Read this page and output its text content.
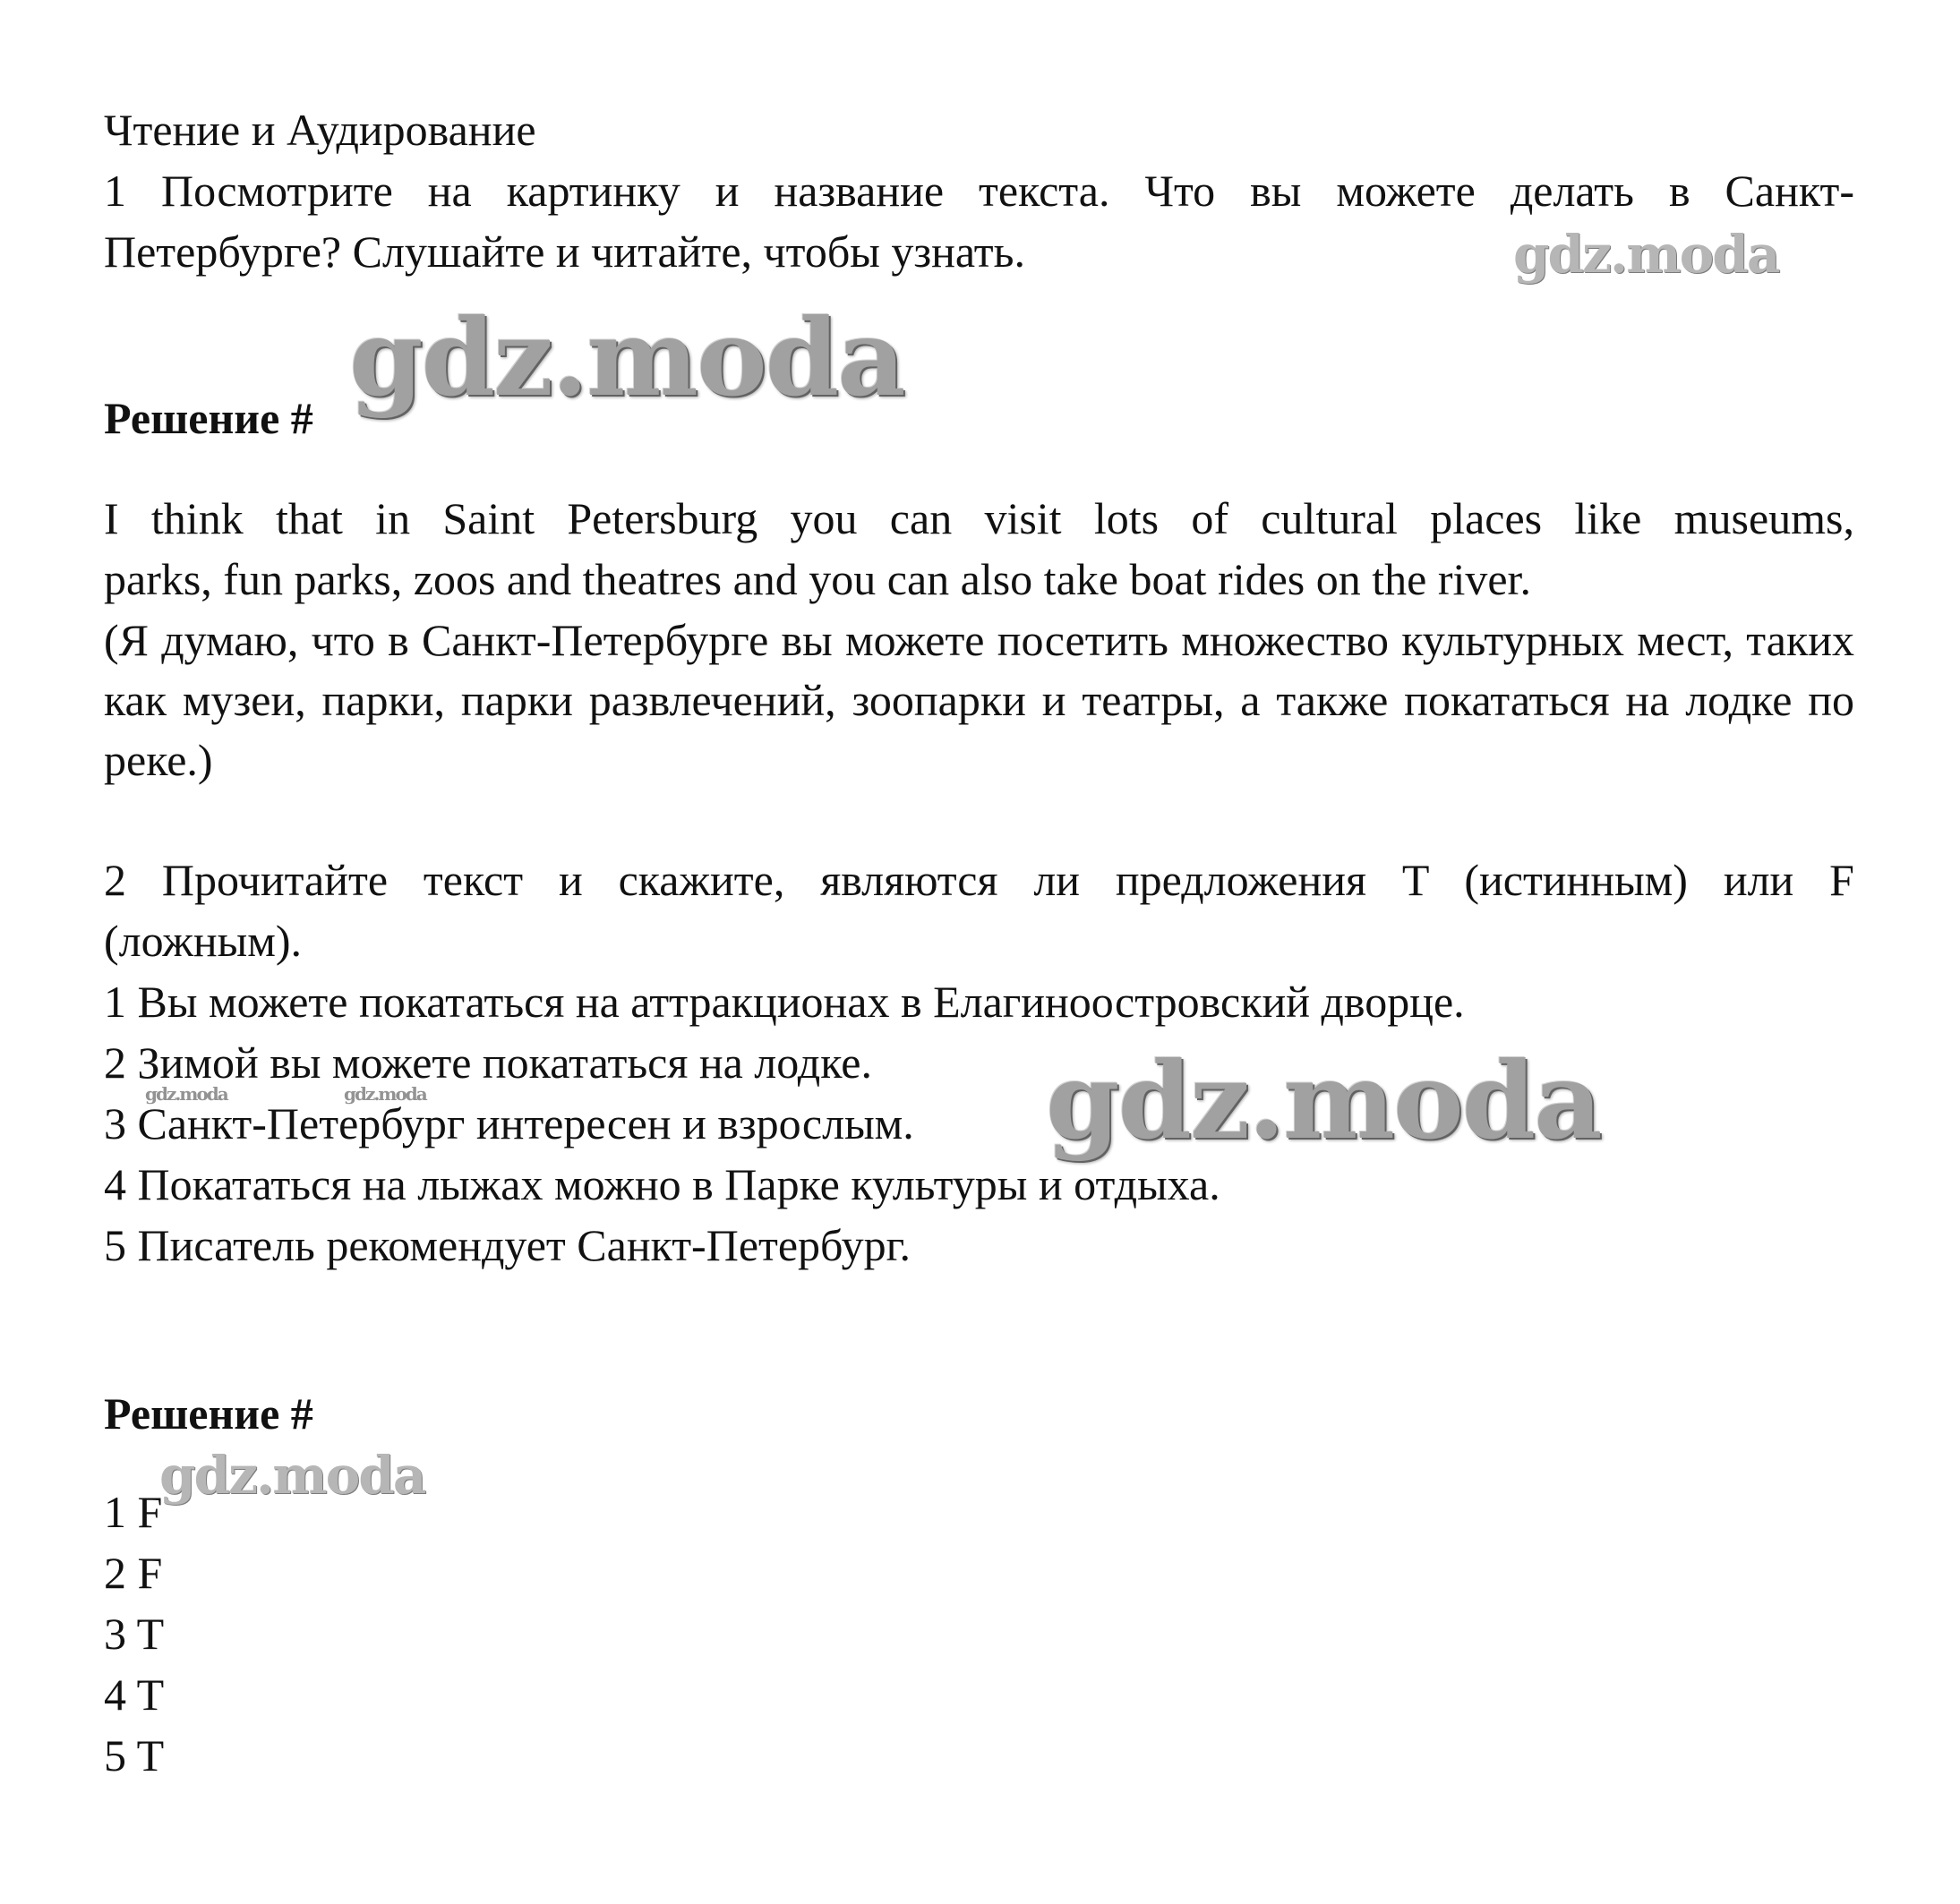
Чтение и Аудирование
1 Посмотрите на картинку и название текста. Что вы можете делать в Санкт-
Петербурге? Слушайте и читайте, чтобы узнать.
Решение #
I think that in Saint Petersburg you can visit lots of cultural places like museums,
parks, fun parks, zoos and theatres and you can also take boat rides on the river.
(Я думаю, что в Санкт-Петербурге вы можете посетить множество культурных мест, таких как музеи, парки, парки развлечений, зоопарки и театры, а также покататься на лодке по реке.)
2 Прочитайте текст и скажите, являются ли предложения T (истинным) или F
(ложным).
1 Вы можете покататься на аттракционах в Елагиноостровский дворце.
2 Зимой вы можете покататься на лодке.
3 Санкт-Петербург интересен и взрослым.
4 Покататься на лыжах можно в Парке культуры и отдыха.
5 Писатель рекомендует Санкт-Петербург.
Решение #
1 F
2 F
3 T
4 T
5 T
gdz.moda
gdz.moda
gdz.moda	gdz.moda	gdz.moda
gdz.moda
